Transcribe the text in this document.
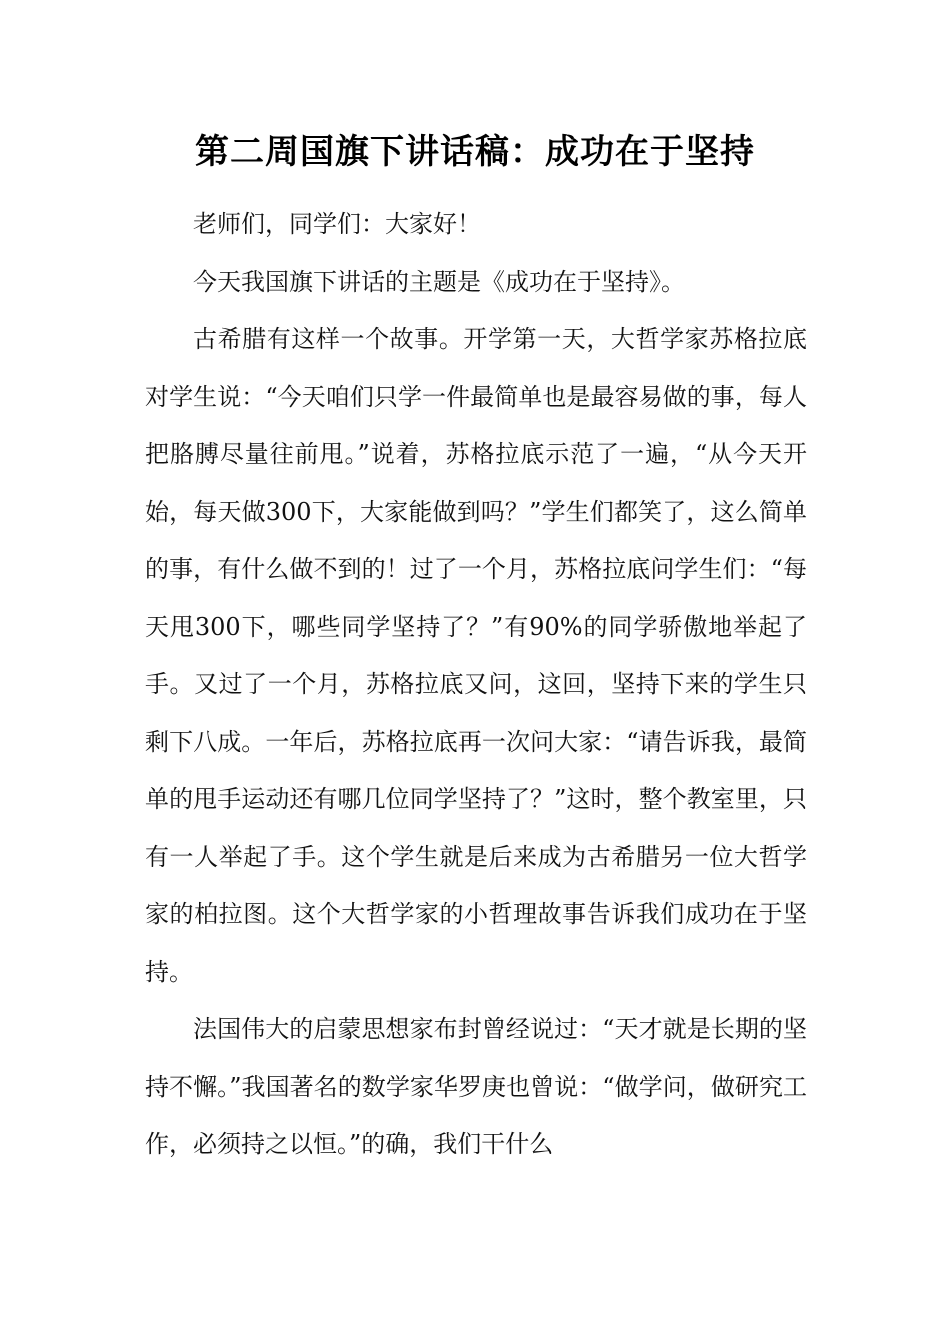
第二周国旗下讲话稿：成功在于坚持

老师们，同学们：大家好！

今天我国旗下讲话的主题是《成功在于坚持》。

古希腊有这样一个故事。开学第一天，大哲学家苏格拉底对学生说：“今天咱们只学一件最简单也是最容易做的事，每人把胳膊尽量往前甩。”说着，苏格拉底示范了一遍，“从今天开始，每天做300下，大家能做到吗？”学生们都笑了，这么简单的事，有什么做不到的！过了一个月，苏格拉底问学生们：“每天甩300下，哪些同学坚持了？”有90%的同学骄傲地举起了手。又过了一个月，苏格拉底又问，这回，坚持下来的学生只剩下八成。一年后，苏格拉底再一次问大家：“请告诉我，最简单的甩手运动还有哪几位同学坚持了？”这时，整个教室里，只有一人举起了手。这个学生就是后来成为古希腊另一位大哲学家的柏拉图。这个大哲学家的小哲理故事告诉我们成功在于坚持。

法国伟大的启蒙思想家布封曾经说过：“天才就是长期的坚持不懈。”我国著名的数学家华罗庚也曾说：“做学问，做研究工作，必须持之以恒。”的确，我们干什么
